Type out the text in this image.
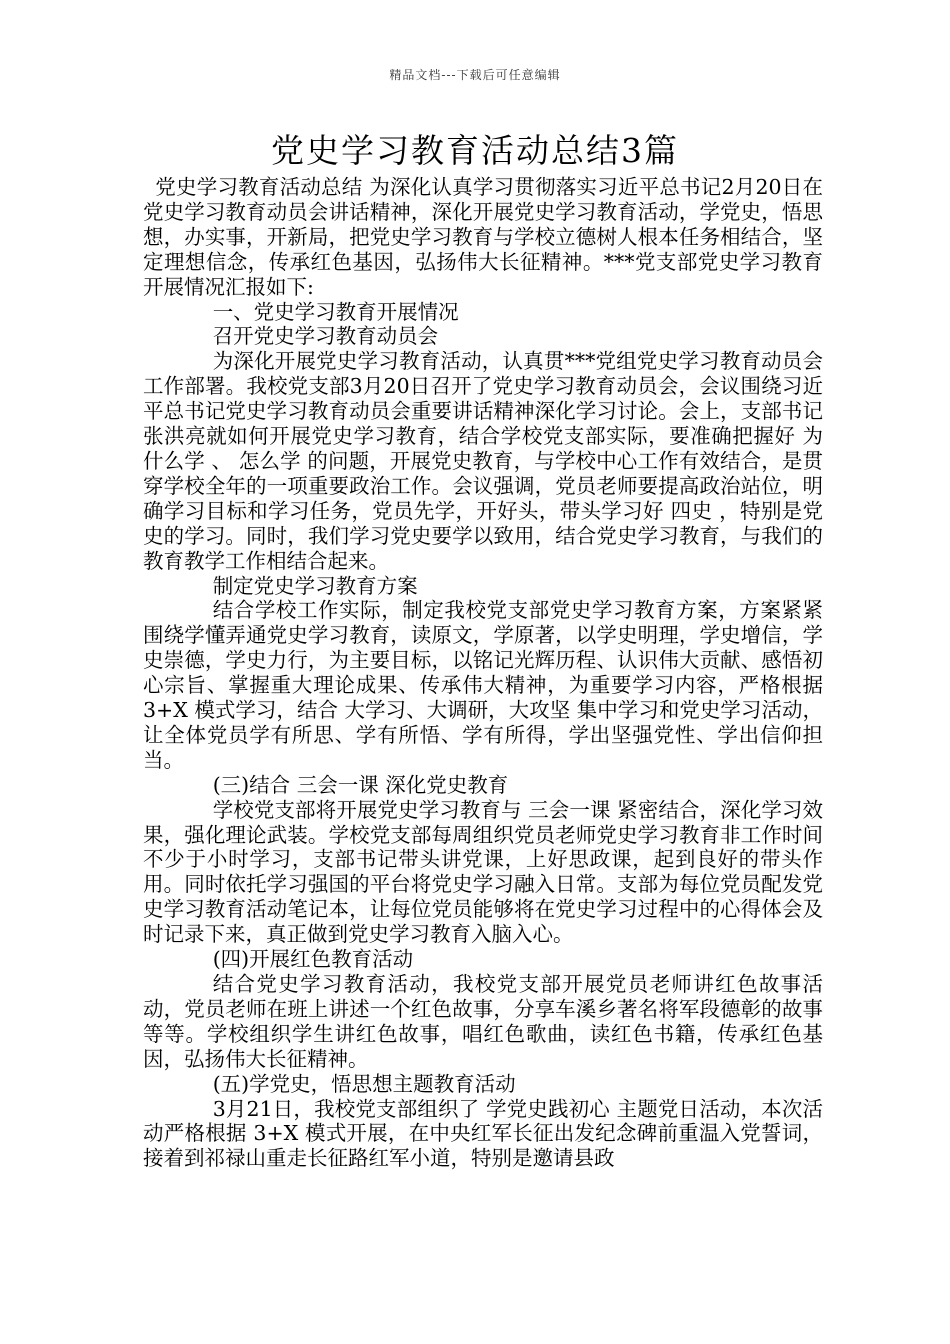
精品文档---下载后可任意编辑
党史学习教育活动总结3篇

党史学习教育活动总结 为深化认真学习贯彻落实习近平总书记2月20日在党史学习教育动员会讲话精神，深化开展党史学习教育活动，学党史，悟思想，办实事，开新局，把党史学习教育与学校立德树人根本任务相结合，坚定理想信念，传承红色基因，弘扬伟大长征精神。***党支部党史学习教育开展情况汇报如下:

一、党史学习教育开展情况

召开党史学习教育动员会

为深化开展党史学习教育活动，认真贯***党组党史学习教育动员会工作部署。我校党支部3月20日召开了党史学习教育动员会，会议围绕习近平总书记党史学习教育动员会重要讲话精神深化学习讨论。会上，支部书记张洪亮就如何开展党史学习教育，结合学校党支部实际，要准确把握好 为什么学 、 怎么学 的问题，开展党史教育，与学校中心工作有效结合，是贯穿学校全年的一项重要政治工作。会议强调，党员老师要提高政治站位，明确学习目标和学习任务，党员先学，开好头，带头学习好 四史 ，特别是党史的学习。同时，我们学习党史要学以致用，结合党史学习教育，与我们的教育教学工作相结合起来。

制定党史学习教育方案

结合学校工作实际，制定我校党支部党史学习教育方案，方案紧紧围绕学懂弄通党史学习教育，读原文，学原著，以学史明理，学史增信，学史崇德，学史力行，为主要目标，以铭记光辉历程、认识伟大贡献、感悟初心宗旨、掌握重大理论成果、传承伟大精神，为重要学习内容，严格根据 3+X 模式学习，结合 大学习、大调研，大攻坚 集中学习和党史学习活动，让全体党员学有所思、学有所悟、学有所得，学出坚强党性、学出信仰担当。

(三)结合 三会一课 深化党史教育

学校党支部将开展党史学习教育与 三会一课 紧密结合，深化学习效果，强化理论武装。学校党支部每周组织党员老师党史学习教育非工作时间不少于小时学习，支部书记带头讲党课，上好思政课，起到良好的带头作用。同时依托学习强国的平台将党史学习融入日常。支部为每位党员配发党史学习教育活动笔记本，让每位党员能够将在党史学习过程中的心得体会及时记录下来，真正做到党史学习教育入脑入心。

(四)开展红色教育活动

结合党史学习教育活动，我校党支部开展党员老师讲红色故事活动，党员老师在班上讲述一个红色故事，分享车溪乡著名将军段德彰的故事等等。学校组织学生讲红色故事，唱红色歌曲，读红色书籍，传承红色基因，弘扬伟大长征精神。

(五)学党史，悟思想主题教育活动

3月21日，我校党支部组织了 学党史践初心 主题党日活动，本次活动严格根据 3+X 模式开展，在中央红军长征出发纪念碑前重温入党誓词，接着到祁禄山重走长征路红军小道，特别是邀请县政
